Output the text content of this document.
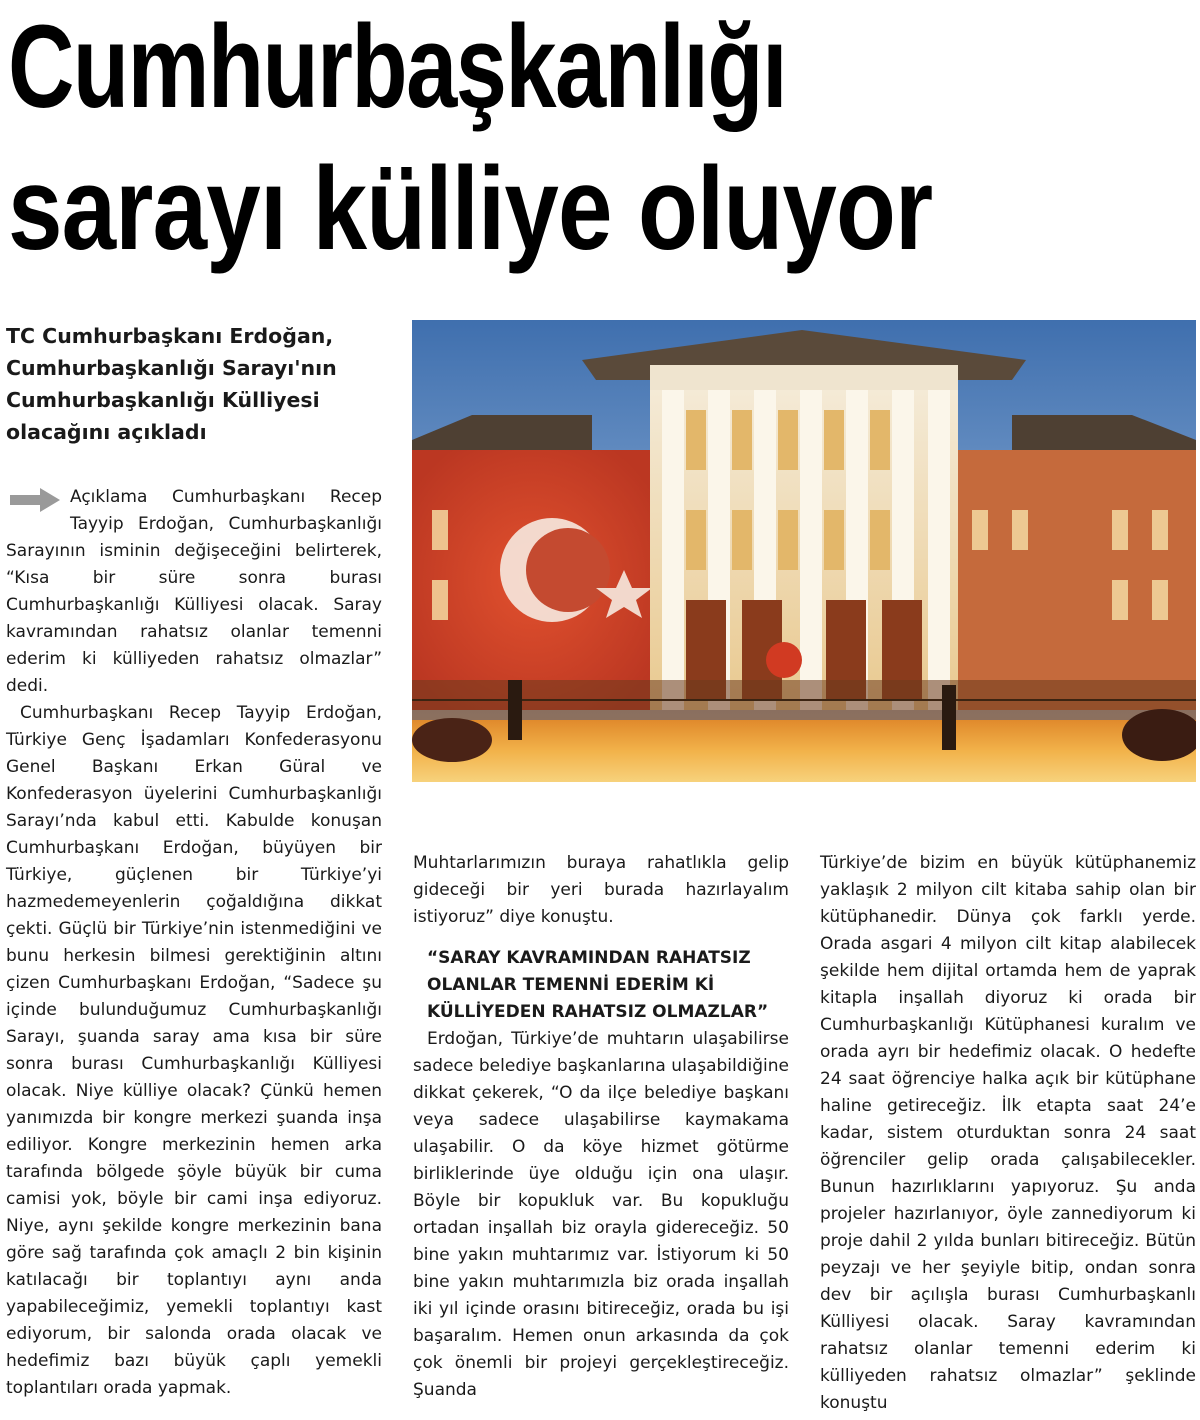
Cumhurbaşkanlığı
sarayı külliye oluyor
TC Cumhurbaşkanı Erdoğan,
Cumhurbaşkanlığı Sarayı'nın
Cumhurbaşkanlığı Külliyesi
olacağını açıkladı

Açıklama Cumhurbaşkanı Recep Tayyip Erdoğan, Cumhurbaşkanlığı Sarayının isminin değişeceğini belirterek, “Kısa bir süre sonra burası Cumhurbaşkanlığı Külliyesi olacak. Saray kavramından rahatsız olanlar temenni ederim ki külliyeden rahatsız olmazlar” dedi.

Cumhurbaşkanı Recep Tayyip Erdoğan, Türkiye Genç İşadamları Konfederasyonu Genel Başkanı Erkan Güral ve Konfederasyon üyelerini Cumhurbaşkanlığı Sarayı’nda kabul etti. Kabulde konuşan Cumhurbaşkanı Erdoğan, büyüyen bir Türkiye, güçlenen bir Türkiye’yi hazmedemeyenlerin çoğaldığına dikkat çekti. Güçlü bir Türkiye’nin istenmediğini ve bunu herkesin bilmesi gerektiğinin altını çizen Cumhurbaşkanı Erdoğan, “Sadece şu içinde bulunduğumuz Cumhurbaşkanlığı Sarayı, şuanda saray ama kısa bir süre sonra burası Cumhurbaşkanlığı Külliyesi olacak. Niye külliye olacak? Çünkü hemen yanımızda bir kongre merkezi şuanda inşa ediliyor. Kongre merkezinin hemen arka tarafında bölgede şöyle büyük bir cuma camisi yok, böyle bir cami inşa ediyoruz. Niye, aynı şekilde kongre merkezinin bana göre sağ tarafında çok amaçlı 2 bin kişinin katılacağı bir toplantıyı aynı anda yapabileceğimiz, yemekli toplantıyı kast ediyorum, bir salonda orada olacak ve hedefimiz bazı büyük çaplı yemekli toplantıları orada yapmak.

Muhtarlarımızın buraya rahatlıkla gelip gideceği bir yeri burada hazırlayalım istiyoruz” diye konuştu.

“SARAY KAVRAMINDAN RAHATSIZ OLANLAR TEMENNİ EDERİM Kİ KÜLLİYEDEN RAHATSIZ OLMAZLAR”

Erdoğan, Türkiye’de muhtarın ulaşabilirse sadece belediye başkanlarına ulaşabildiğine dikkat çekerek, “O da ilçe belediye başkanı veya sadece ulaşabilirse kaymakama ulaşabilir. O da köye hizmet götürme birliklerinde üye olduğu için ona ulaşır. Böyle bir kopukluk var. Bu kopukluğu ortadan inşallah biz orayla gidereceğiz. 50 bine yakın muhtarımız var. İstiyorum ki 50 bine yakın muhtarımızla biz orada inşallah iki yıl içinde orasını bitireceğiz, orada bu işi başaralım. Hemen onun arkasında da çok çok önemli bir projeyi gerçekleştireceğiz. Şuanda

Türkiye’de bizim en büyük kütüphanemiz yaklaşık 2 milyon cilt kitaba sahip olan bir kütüphanedir. Dünya çok farklı yerde. Orada asgari 4 milyon cilt kitap alabilecek şekilde hem dijital ortamda hem de yaprak kitapla inşallah diyoruz ki orada bir Cumhurbaşkanlığı Kütüphanesi kuralım ve orada ayrı bir hedefimiz olacak. O hedefte 24 saat öğrenciye halka açık bir kütüphane haline getireceğiz. İlk etapta saat 24’e kadar, sistem oturduktan sonra 24 saat öğrenciler gelip orada çalışabilecekler. Bunun hazırlıklarını yapıyoruz. Şu anda projeler hazırlanıyor, öyle zannediyorum ki proje dahil 2 yılda bunları bitireceğiz. Bütün peyzajı ve her şeyiyle bitip, ondan sonra dev bir açılışla burası Cumhurbaşkanlı Külliyesi olacak. Saray kavramından rahatsız olanlar temenni ederim ki külliyeden rahatsız olmazlar” şeklinde konuştu
